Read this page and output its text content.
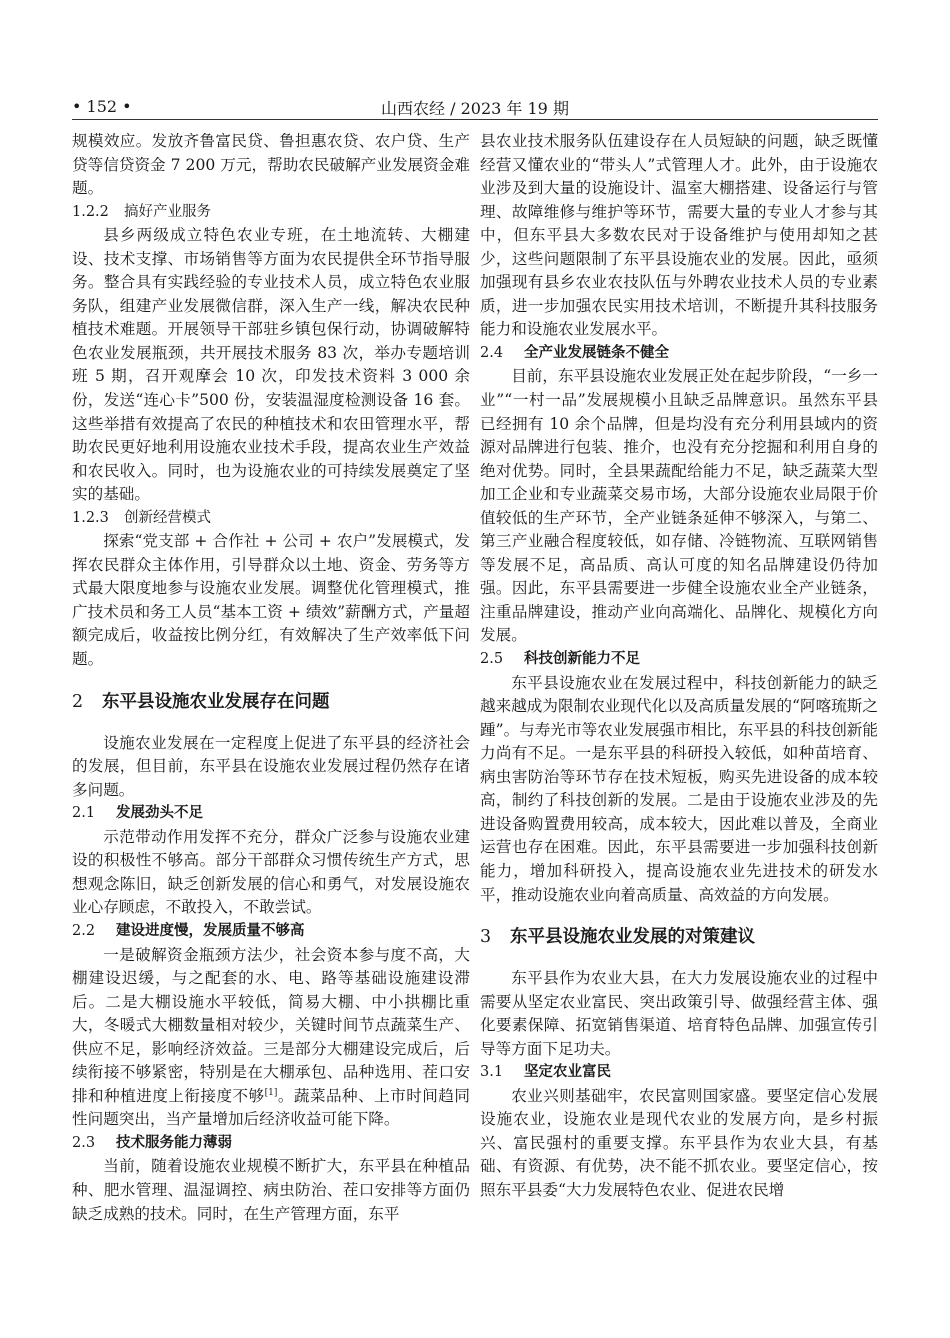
• 152 •	山西农经 / 2023 年 19 期

规模效应。发放齐鲁富民贷、鲁担惠农贷、农户贷、生产贷等信贷资金 7 200 万元，帮助农民破解产业发展资金难题。

1.2.2 搞好产业服务

县乡两级成立特色农业专班，在土地流转、大棚建设、技术支撑、市场销售等方面为农民提供全环节指导服务。整合具有实践经验的专业技术人员，成立特色农业服务队，组建产业发展微信群，深入生产一线，解决农民种植技术难题。开展领导干部驻乡镇包保行动，协调破解特色农业发展瓶颈，共开展技术服务 83 次，举办专题培训班 5 期，召开观摩会 10 次，印发技术资料 3 000 余份，发送“连心卡”500 份，安装温湿度检测设备 16 套。这些举措有效提高了农民的种植技术和农田管理水平，帮助农民更好地利用设施农业技术手段，提高农业生产效益和农民收入。同时，也为设施农业的可持续发展奠定了坚实的基础。

1.2.3 创新经营模式

探索“党支部 + 合作社 + 公司 + 农户”发展模式，发挥农民群众主体作用，引导群众以土地、资金、劳务等方式最大限度地参与设施农业发展。调整优化管理模式，推广技术员和务工人员“基本工资 + 绩效”薪酬方式，产量超额完成后，收益按比例分红，有效解决了生产效率低下问题。

2 东平县设施农业发展存在问题

设施农业发展在一定程度上促进了东平县的经济社会的发展，但目前，东平县在设施农业发展过程仍然存在诸多问题。

2.1 发展劲头不足

示范带动作用发挥不充分，群众广泛参与设施农业建设的积极性不够高。部分干部群众习惯传统生产方式，思想观念陈旧，缺乏创新发展的信心和勇气，对发展设施农业心存顾虑，不敢投入，不敢尝试。

2.2 建设进度慢，发展质量不够高

一是破解资金瓶颈方法少，社会资本参与度不高，大棚建设迟缓，与之配套的水、电、路等基础设施建设滞后。二是大棚设施水平较低，简易大棚、中小拱棚比重大，冬暖式大棚数量相对较少，关键时间节点蔬菜生产、供应不足，影响经济效益。三是部分大棚建设完成后，后续衔接不够紧密，特别是在大棚承包、品种选用、茬口安排和种植进度上衔接度不够[1]。蔬菜品种、上市时间趋同性问题突出，当产量增加后经济收益可能下降。

2.3 技术服务能力薄弱

当前，随着设施农业规模不断扩大，东平县在种植品种、肥水管理、温湿调控、病虫防治、茬口安排等方面仍缺乏成熟的技术。同时，在生产管理方面，东平

县农业技术服务队伍建设存在人员短缺的问题，缺乏既懂经营又懂农业的“带头人”式管理人才。此外，由于设施农业涉及到大量的设施设计、温室大棚搭建、设备运行与管理、故障维修与维护等环节，需要大量的专业人才参与其中，但东平县大多数农民对于设备维护与使用却知之甚少，这些问题限制了东平县设施农业的发展。因此，亟须加强现有县乡农业农技队伍与外聘农业技术人员的专业素质，进一步加强农民实用技术培训，不断提升其科技服务能力和设施农业发展水平。

2.4 全产业发展链条不健全

目前，东平县设施农业发展正处在起步阶段，“一乡一业”“一村一品”发展规模小且缺乏品牌意识。虽然东平县已经拥有 10 余个品牌，但是均没有充分利用县域内的资源对品牌进行包装、推介，也没有充分挖掘和利用自身的绝对优势。同时，全县果蔬配给能力不足，缺乏蔬菜大型加工企业和专业蔬菜交易市场，大部分设施农业局限于价值较低的生产环节，全产业链条延伸不够深入，与第二、第三产业融合程度较低，如存储、冷链物流、互联网销售等发展不足，高品质、高认可度的知名品牌建设仍待加强。因此，东平县需要进一步健全设施农业全产业链条，注重品牌建设，推动产业向高端化、品牌化、规模化方向发展。

2.5 科技创新能力不足

东平县设施农业在发展过程中，科技创新能力的缺乏越来越成为限制农业现代化以及高质量发展的“阿喀琉斯之踵”。与寿光市等农业发展强市相比，东平县的科技创新能力尚有不足。一是东平县的科研投入较低，如种苗培育、病虫害防治等环节存在技术短板，购买先进设备的成本较高，制约了科技创新的发展。二是由于设施农业涉及的先进设备购置费用较高，成本较大，因此难以普及，全商业运营也存在困难。因此，东平县需要进一步加强科技创新能力，增加科研投入，提高设施农业先进技术的研发水平，推动设施农业向着高质量、高效益的方向发展。

3 东平县设施农业发展的对策建议

东平县作为农业大县，在大力发展设施农业的过程中需要从坚定农业富民、突出政策引导、做强经营主体、强化要素保障、拓宽销售渠道、培育特色品牌、加强宣传引导等方面下足功夫。

3.1 坚定农业富民

农业兴则基础牢，农民富则国家盛。要坚定信心发展设施农业，设施农业是现代农业的发展方向，是乡村振兴、富民强村的重要支撑。东平县作为农业大县，有基础、有资源、有优势，决不能不抓农业。要坚定信心，按照东平县委“大力发展特色农业、促进农民增
